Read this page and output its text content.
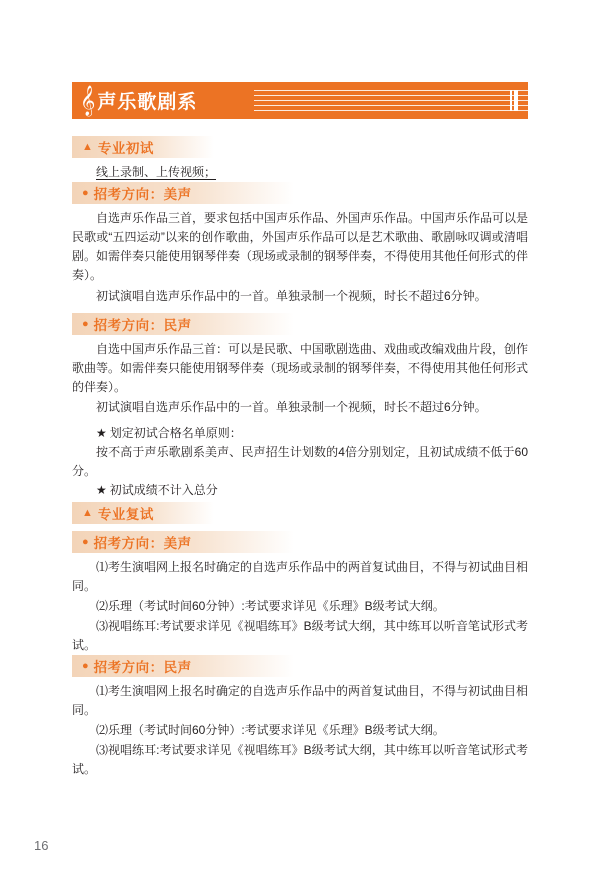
𝄞 声乐歌剧系
▲ 专业初试
线上录制、上传视频；
● 招考方向：美声
自选声乐作品三首，要求包括中国声乐作品、外国声乐作品。中国声乐作品可以是民歌或“五四运动”以来的创作歌曲，外国声乐作品可以是艺术歌曲、歌剧咏叹调或清唱剧。如需伴奏只能使用钢琴伴奏（现场或录制的钢琴伴奏，不得使用其他任何形式的伴奏）。
初试演唱自选声乐作品中的一首。单独录制一个视频，时长不超过6分钟。
● 招考方向：民声
自选中国声乐作品三首：可以是民歌、中国歌剧选曲、戏曲或改编戏曲片段，创作歌曲等。如需伴奏只能使用钢琴伴奏（现场或录制的钢琴伴奏，不得使用其他任何形式的伴奏）。
初试演唱自选声乐作品中的一首。单独录制一个视频，时长不超过6分钟。
★ 划定初试合格名单原则：
按不高于声乐歌剧系美声、民声招生计划数的4倍分别划定，且初试成绩不低于60分。
★ 初试成绩不计入总分
▲ 专业复试
● 招考方向：美声
⑴考生演唱网上报名时确定的自选声乐作品中的两首复试曲目，不得与初试曲目相同。
⑵乐理（考试时间60分钟）:考试要求详见《乐理》B级考试大纲。
⑶视唱练耳:考试要求详见《视唱练耳》B级考试大纲，其中练耳以听音笔试形式考试。
● 招考方向：民声
⑴考生演唱网上报名时确定的自选声乐作品中的两首复试曲目，不得与初试曲目相同。
⑵乐理（考试时间60分钟）:考试要求详见《乐理》B级考试大纲。
⑶视唱练耳:考试要求详见《视唱练耳》B级考试大纲，其中练耳以听音笔试形式考试。
16
